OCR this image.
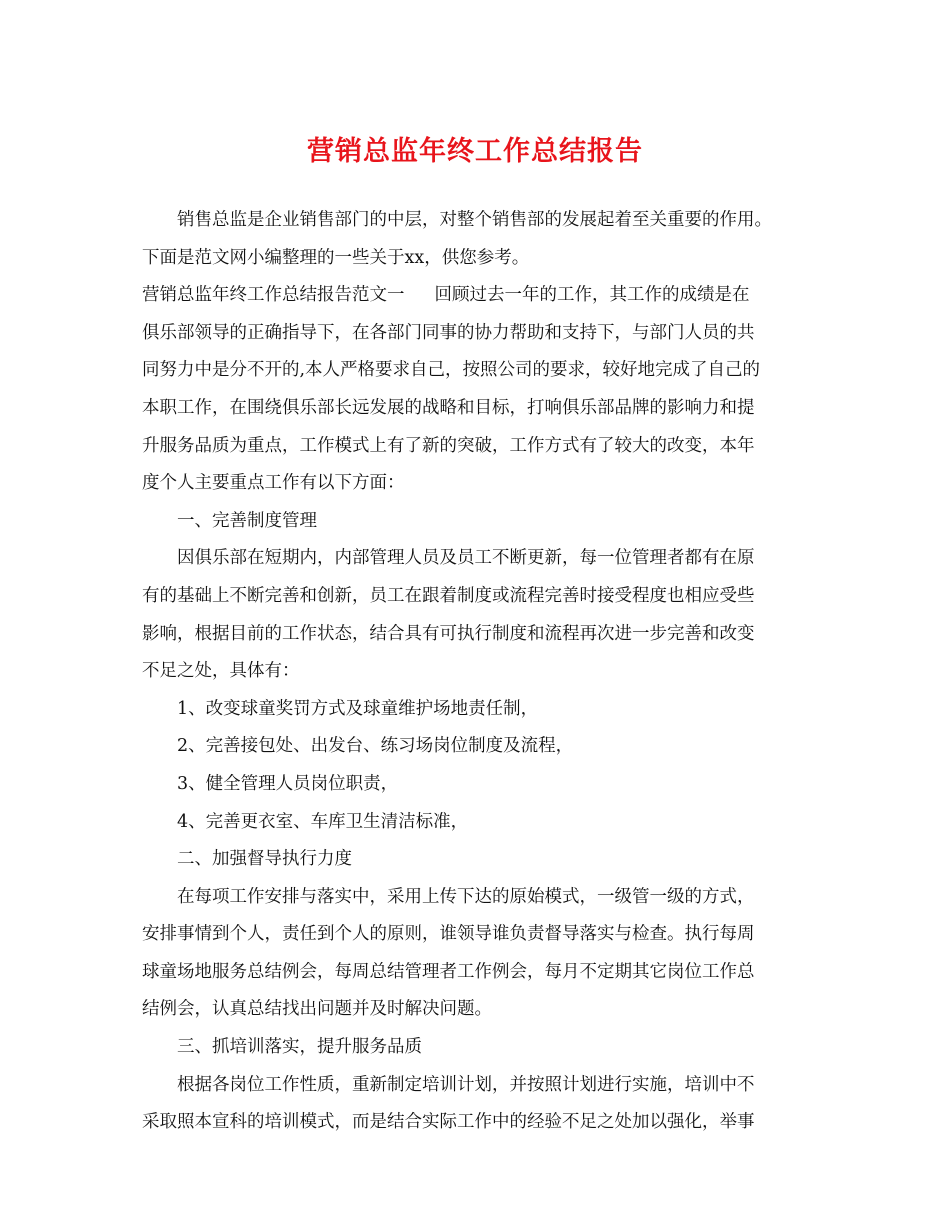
营销总监年终工作总结报告
销售总监是企业销售部门的中层，对整个销售部的发展起着至关重要的作用。
下面是范文网小编整理的一些关于xx，供您参考。
营销总监年终工作总结报告范文一 回顾过去一年的工作，其工作的成绩是在
俱乐部领导的正确指导下，在各部门同事的协力帮助和支持下，与部门人员的共
同努力中是分不开的,本人严格要求自己，按照公司的要求，较好地完成了自己的
本职工作，在围绕俱乐部长远发展的战略和目标，打响俱乐部品牌的影响力和提
升服务品质为重点，工作模式上有了新的突破，工作方式有了较大的改变，本年
度个人主要重点工作有以下方面：
一、完善制度管理
因俱乐部在短期内，内部管理人员及员工不断更新，每一位管理者都有在原
有的基础上不断完善和创新，员工在跟着制度或流程完善时接受程度也相应受些
影响，根据目前的工作状态，结合具有可执行制度和流程再次进一步完善和改变
不足之处，具体有：
1、改变球童奖罚方式及球童维护场地责任制，
2、完善接包处、出发台、练习场岗位制度及流程，
3、健全管理人员岗位职责，
4、完善更衣室、车库卫生清洁标准，
二、加强督导执行力度
在每项工作安排与落实中，采用上传下达的原始模式，一级管一级的方式，
安排事情到个人，责任到个人的原则，谁领导谁负责督导落实与检查。执行每周
球童场地服务总结例会，每周总结管理者工作例会，每月不定期其它岗位工作总
结例会，认真总结找出问题并及时解决问题。
三、抓培训落实，提升服务品质
根据各岗位工作性质，重新制定培训计划，并按照计划进行实施，培训中不
采取照本宣科的培训模式，而是结合实际工作中的经验不足之处加以强化，举事
